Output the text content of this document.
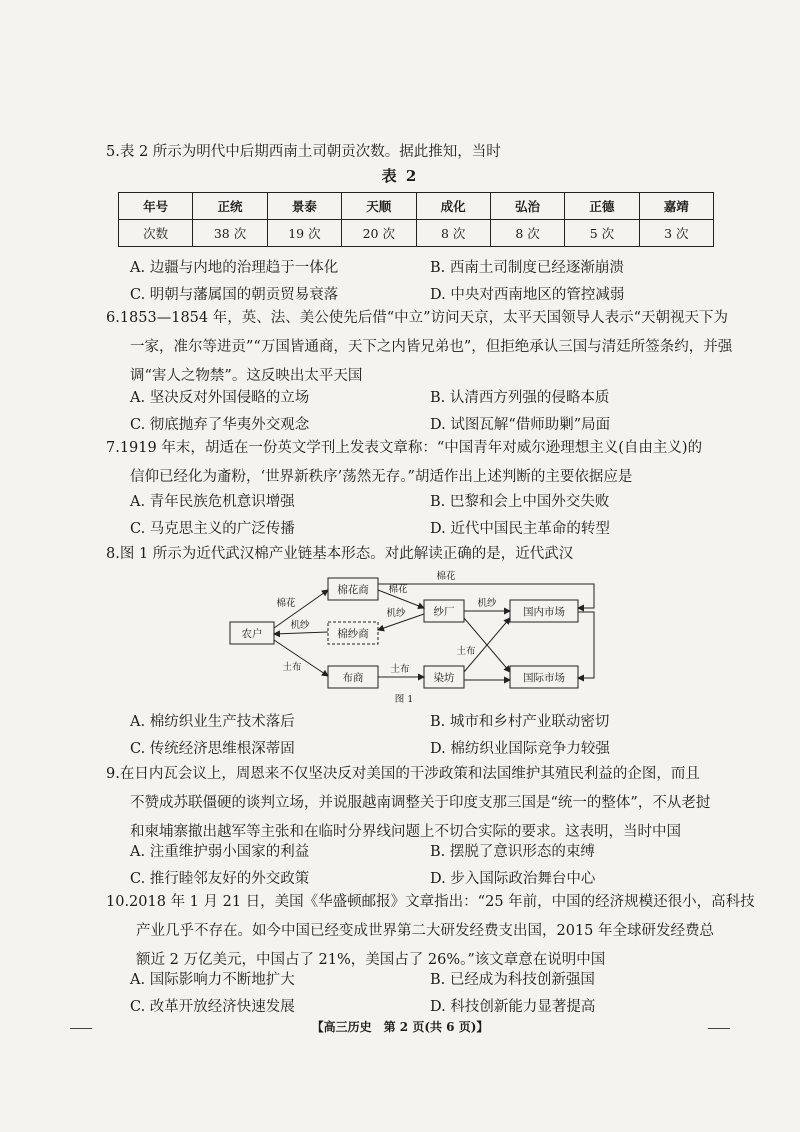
5.表 2 所示为明代中后期西南土司朝贡次数。据此推知，当时
表 2
年号	正统	景泰	天顺	成化	弘治	正德	嘉靖
次数	38 次	19 次	20 次	8 次	8 次	5 次	3 次
A. 边疆与内地的治理趋于一体化	B. 西南土司制度已经逐渐崩溃
C. 明朝与藩属国的朝贡贸易衰落	D. 中央对西南地区的管控减弱
6.1853—1854 年，英、法、美公使先后借“中立”访问天京，太平天国领导人表示“天朝视天下为
一家，准尔等进贡”“万国皆通商，天下之内皆兄弟也”，但拒绝承认三国与清廷所签条约，并强
调“害人之物禁”。这反映出太平天国
A. 坚决反对外国侵略的立场	B. 认清西方列强的侵略本质
C. 彻底抛弃了华夷外交观念	D. 试图瓦解“借师助剿”局面
7.1919 年末，胡适在一份英文学刊上发表文章称：“中国青年对威尔逊理想主义(自由主义)的
信仰已经化为齑粉，‘世界新秩序’荡然无存。”胡适作出上述判断的主要依据应是
A. 青年民族危机意识增强	B. 巴黎和会上中国外交失败
C. 马克思主义的广泛传播	D. 近代中国民主革命的转型
8.图 1 所示为近代武汉棉产业链基本形态。对此解读正确的是，近代武汉
农户
棉花商
棉纱商
布商
纱厂
染坊
国内市场
国际市场
棉花
棉花
棉花
机纱
机纱
机纱
土布	土布
土布
图 1
A. 棉纺织业生产技术落后	B. 城市和乡村产业联动密切
C. 传统经济思维根深蒂固	D. 棉纺织业国际竞争力较强
9.在日内瓦会议上，周恩来不仅坚决反对美国的干涉政策和法国维护其殖民利益的企图，而且
不赞成苏联僵硬的谈判立场，并说服越南调整关于印度支那三国是“统一的整体”，不从老挝
和柬埔寨撤出越军等主张和在临时分界线问题上不切合实际的要求。这表明，当时中国
A. 注重维护弱小国家的利益	B. 摆脱了意识形态的束缚
C. 推行睦邻友好的外交政策	D. 步入国际政治舞台中心
10.2018 年 1 月 21 日，美国《华盛顿邮报》文章指出：“25 年前，中国的经济规模还很小，高科技
产业几乎不存在。如今中国已经变成世界第二大研发经费支出国，2015 年全球研发经费总
额近 2 万亿美元，中国占了 21%，美国占了 26%。”该文章意在说明中国
A. 国际影响力不断地扩大	B. 已经成为科技创新强国
C. 改革开放经济快速发展	D. 科技创新能力显著提高
【高三历史　第 2 页(共 6 页)】
